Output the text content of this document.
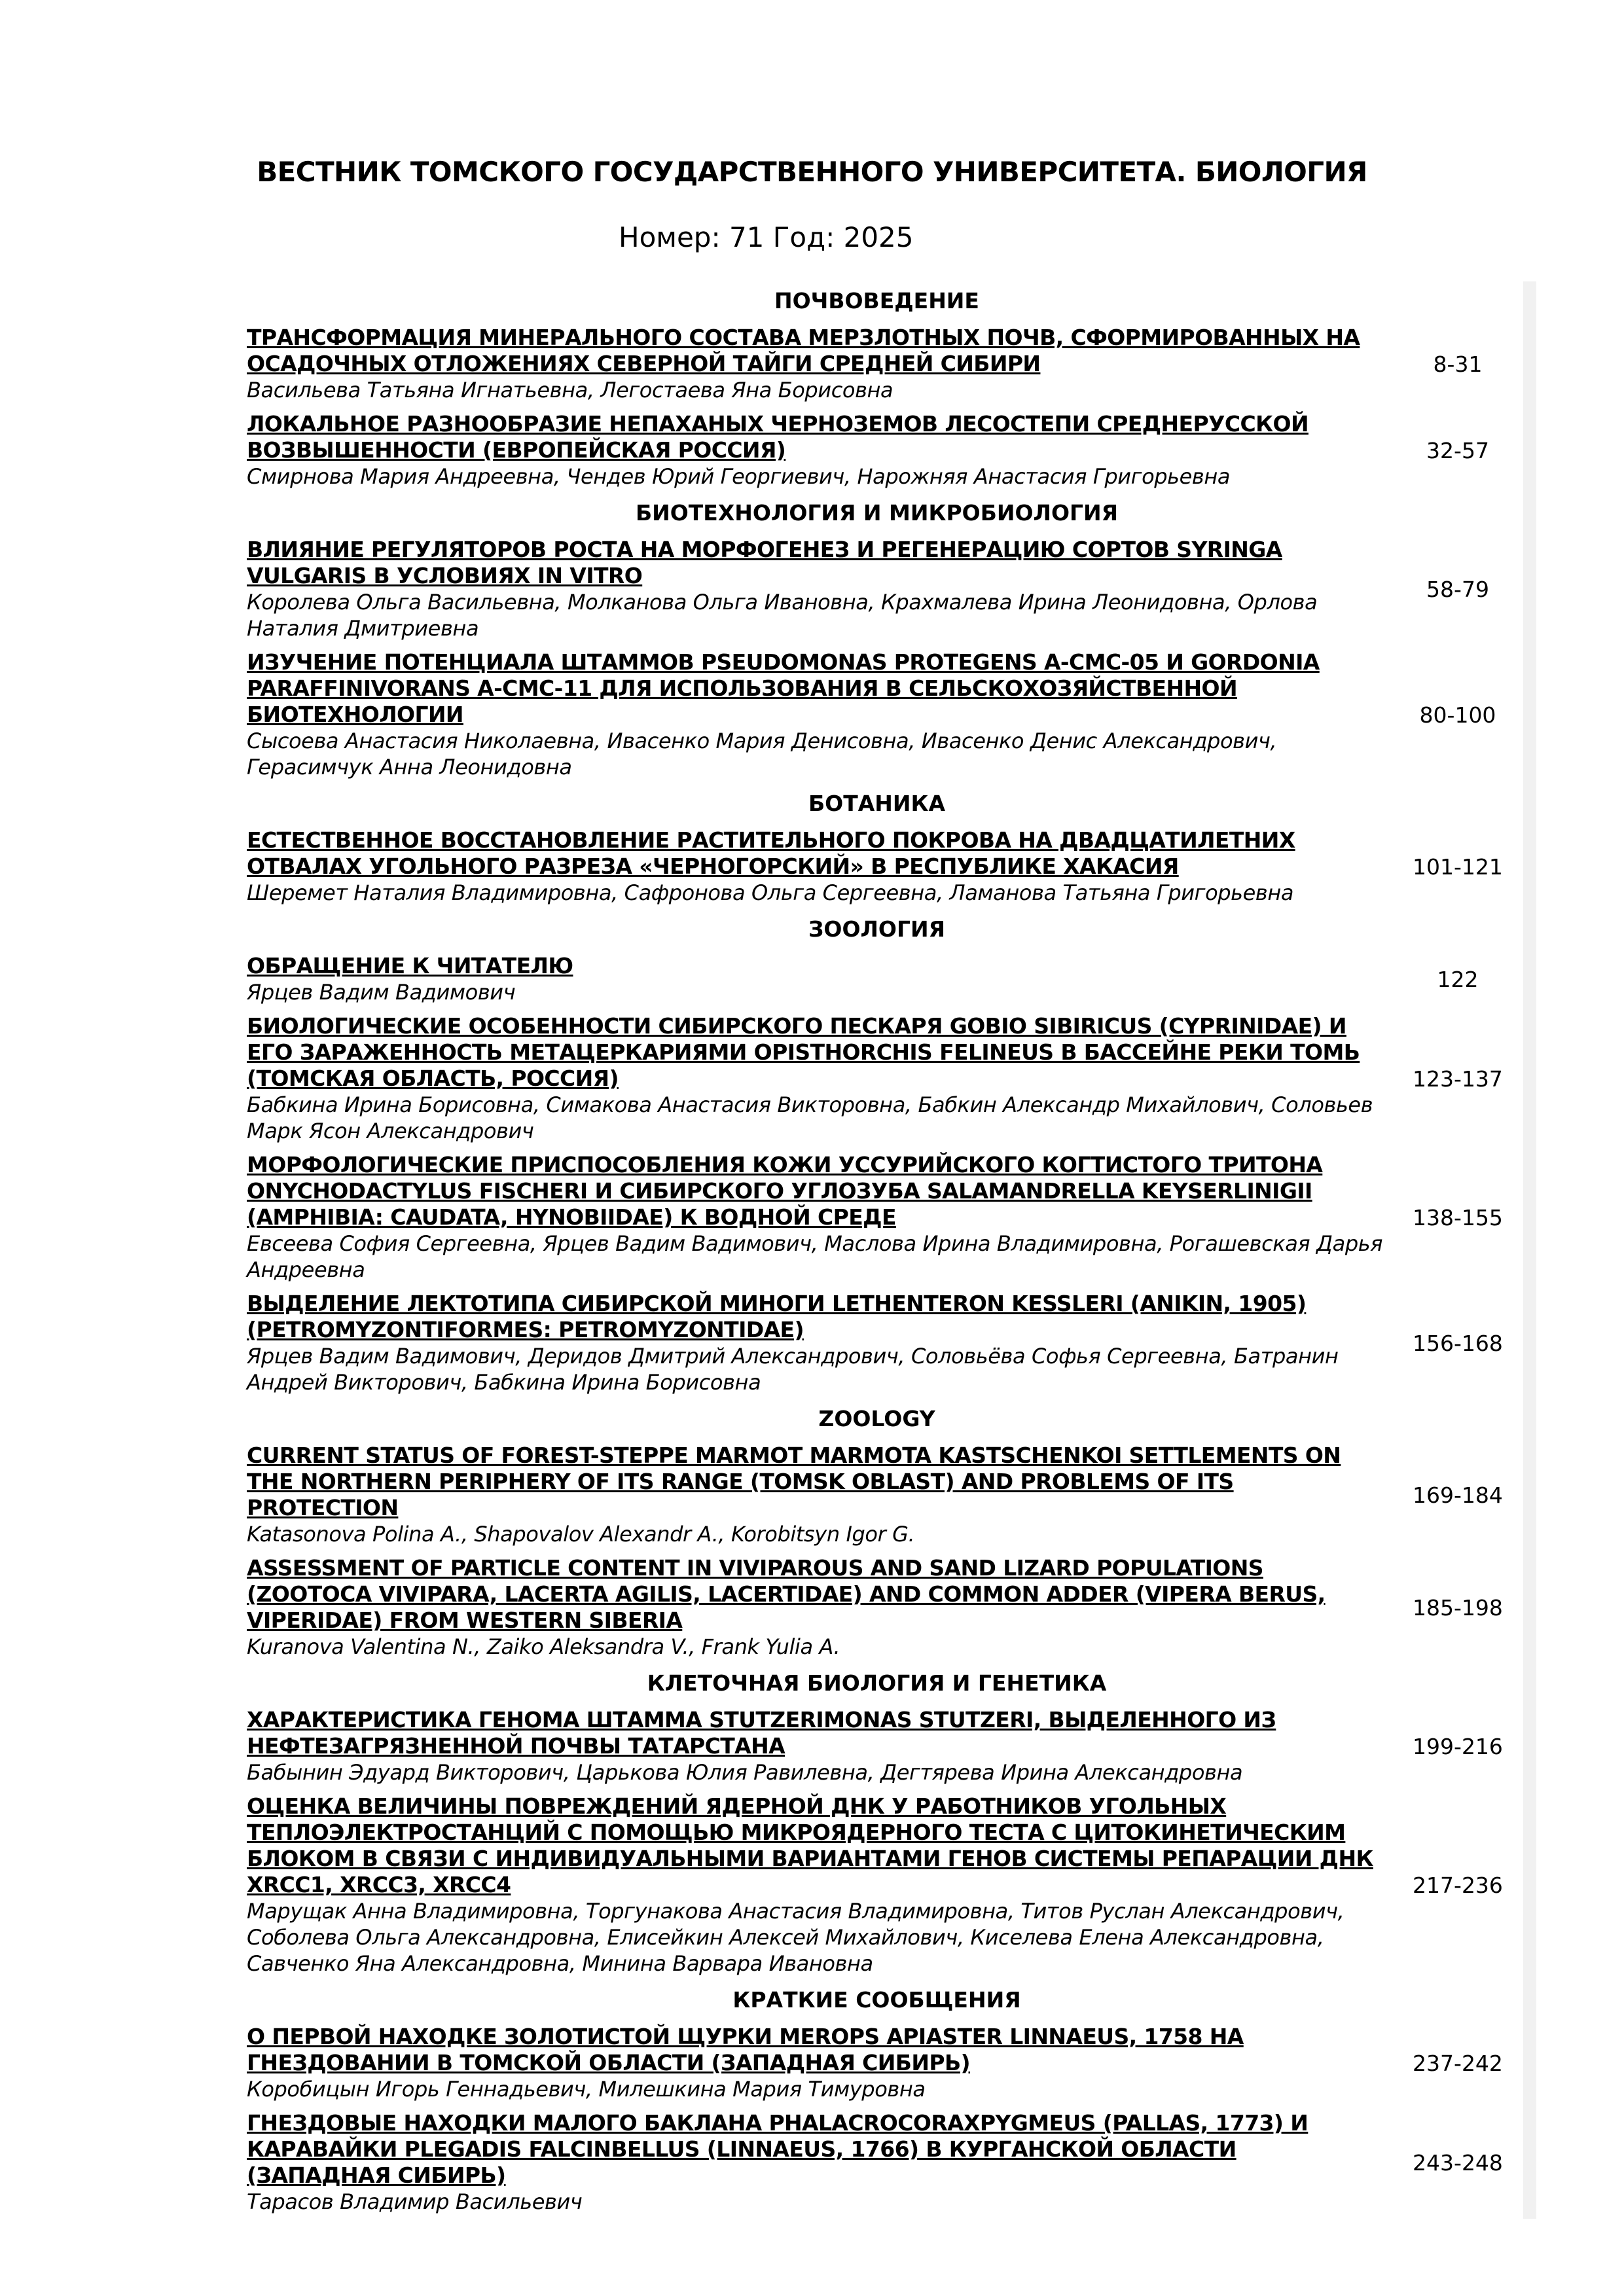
ВЕСТНИК ТОМСКОГО ГОСУДАРСТВЕННОГО УНИВЕРСИТЕТА. БИОЛОГИЯ
Номер: 71 Год: 2025
ПОЧВОВЕДЕНИЕ
ТРАНСФОРМАЦИЯ МИНЕРАЛЬНОГО СОСТАВА МЕРЗЛОТНЫХ ПОЧВ, СФОРМИРОВАННЫХ НА ОСАДОЧНЫХ ОТЛОЖЕНИЯХ СЕВЕРНОЙ ТАЙГИ СРЕДНЕЙ СИБИРИ
Васильева Татьяна Игнатьевна, Легостаева Яна Борисовна
8-31
ЛОКАЛЬНОЕ РАЗНООБРАЗИЕ НЕПАХАНЫХ ЧЕРНОЗЕМОВ ЛЕСОСТЕПИ СРЕДНЕРУССКОЙ ВОЗВЫШЕННОСТИ (ЕВРОПЕЙСКАЯ РОССИЯ)
Смирнова Мария Андреевна, Чендев Юрий Георгиевич, Нарожняя Анастасия Григорьевна
32-57
БИОТЕХНОЛОГИЯ И МИКРОБИОЛОГИЯ
ВЛИЯНИЕ РЕГУЛЯТОРОВ РОСТА НА МОРФОГЕНЕЗ И РЕГЕНЕРАЦИЮ СОРТОВ SYRINGA VULGARIS В УСЛОВИЯХ IN VITRO
Королева Ольга Васильевна, Молканова Ольга Ивановна, Крахмалева Ирина Леонидовна, Орлова Наталия Дмитриевна
58-79
ИЗУЧЕНИЕ ПОТЕНЦИАЛА ШТАММОВ PSEUDOMONAS PROTEGENS А-СМС-05 И GORDONIA PARAFFINIVORANS А-СМС-11 ДЛЯ ИСПОЛЬЗОВАНИЯ В СЕЛЬСКОХОЗЯЙСТВЕННОЙ БИОТЕХНОЛОГИИ
Сысоева Анастасия Николаевна, Ивасенко Мария Денисовна, Ивасенко Денис Александрович, Герасимчук Анна Леонидовна
80-100
БОТАНИКА
ЕСТЕСТВЕННОЕ ВОССТАНОВЛЕНИЕ РАСТИТЕЛЬНОГО ПОКРОВА НА ДВАДЦАТИЛЕТНИХ ОТВАЛАХ УГОЛЬНОГО РАЗРЕЗА «ЧЕРНОГОРСКИЙ» В РЕСПУБЛИКЕ ХАКАСИЯ
Шеремет Наталия Владимировна, Сафронова Ольга Сергеевна, Ламанова Татьяна Григорьевна
101-121
ЗООЛОГИЯ
ОБРАЩЕНИЕ К ЧИТАТЕЛЮ
Ярцев Вадим Вадимович
122
БИОЛОГИЧЕСКИЕ ОСОБЕННОСТИ СИБИРСКОГО ПЕСКАРЯ GOBIO SIBIRICUS (CYPRINIDAE) И ЕГО ЗАРАЖЕННОСТЬ МЕТАЦЕРКАРИЯМИ OPISTHORCHIS FELINEUS В БАССЕЙНЕ РЕКИ ТОМЬ (ТОМСКАЯ ОБЛАСТЬ, РОССИЯ)
Бабкина Ирина Борисовна, Симакова Анастасия Викторовна, Бабкин Александр Михайлович, Соловьев Марк Ясон Александрович
123-137
МОРФОЛОГИЧЕСКИЕ ПРИСПОСОБЛЕНИЯ КОЖИ УССУРИЙСКОГО КОГТИСТОГО ТРИТОНА ONYCHODACTYLUS FISCHERI И СИБИРСКОГО УГЛОЗУБА SALAMANDRELLA KEYSERLINIGII (AMPHIBIA: CAUDATA, HYNOBIIDAE) К ВОДНОЙ СРЕДЕ
Евсеева София Сергеевна, Ярцев Вадим Вадимович, Маслова Ирина Владимировна, Рогашевская Дарья Андреевна
138-155
ВЫДЕЛЕНИЕ ЛЕКТОТИПА СИБИРСКОЙ МИНОГИ LETHENTERON KESSLERI (ANIKIN, 1905) (PETROMYZONTIFORMES: PETROMYZONTIDAE)
Ярцев Вадим Вадимович, Деридов Дмитрий Александрович, Соловьёва Софья Сергеевна, Батранин Андрей Викторович, Бабкина Ирина Борисовна
156-168
ZOOLOGY
CURRENT STATUS OF FOREST-STEPPE MARMOT MARMOTA KASTSCHENKOI SETTLEMENTS ON THE NORTHERN PERIPHERY OF ITS RANGE (TOMSK OBLAST) AND PROBLEMS OF ITS PROTECTION
Katasonova Polina A., Shapovalov Alexandr A., Korobitsyn Igor G.
169-184
ASSESSMENT OF PARTICLE CONTENT IN VIVIPAROUS AND SAND LIZARD POPULATIONS (ZOOTOCA VIVIPARA, LACERTA AGILIS, LACERTIDAE) AND COMMON ADDER (VIPERA BERUS, VIPERIDAE) FROM WESTERN SIBERIA
Kuranova Valentina N., Zaiko Aleksandra V., Frank Yulia A.
185-198
КЛЕТОЧНАЯ БИОЛОГИЯ И ГЕНЕТИКА
ХАРАКТЕРИСТИКА ГЕНОМА ШТАММА STUTZERIMONAS STUTZERI, ВЫДЕЛЕННОГО ИЗ НЕФТЕЗАГРЯЗНЕННОЙ ПОЧВЫ ТАТАРСТАНА
Бабынин Эдуард Викторович, Царькова Юлия Равилевна, Дегтярева Ирина Александровна
199-216
ОЦЕНКА ВЕЛИЧИНЫ ПОВРЕЖДЕНИЙ ЯДЕРНОЙ ДНК У РАБОТНИКОВ УГОЛЬНЫХ ТЕПЛОЭЛЕКТРОСТАНЦИЙ С ПОМОЩЬЮ МИКРОЯДЕРНОГО ТЕСТА С ЦИТОКИНЕТИЧЕСКИМ БЛОКОМ В СВЯЗИ С ИНДИВИДУАЛЬНЫМИ ВАРИАНТАМИ ГЕНОВ СИСТЕМЫ РЕПАРАЦИИ ДНК XRCC1, XRCC3, XRCC4
Марущак Анна Владимировна, Торгунакова Анастасия Владимировна, Титов Руслан Александрович, Соболева Ольга Александровна, Елисейкин Алексей Михайлович, Киселева Елена Александровна, Савченко Яна Александровна, Минина Варвара Ивановна
217-236
КРАТКИЕ СООБЩЕНИЯ
О ПЕРВОЙ НАХОДКЕ ЗОЛОТИСТОЙ ЩУРКИ MEROPS APIASTER LINNAEUS, 1758 НА ГНЕЗДОВАНИИ В ТОМСКОЙ ОБЛАСТИ (ЗАПАДНАЯ СИБИРЬ)
Коробицын Игорь Геннадьевич, Милешкина Мария Тимуровна
237-242
ГНЕЗДОВЫЕ НАХОДКИ МАЛОГО БАКЛАНА PHALACROCORAXPYGMEUS (PALLAS, 1773) И КАРАВАЙКИ PLEGADIS FALCINBELLUS (LINNAEUS, 1766) В КУРГАНСКОЙ ОБЛАСТИ (ЗАПАДНАЯ СИБИРЬ)
Тарасов Владимир Васильевич
243-248
